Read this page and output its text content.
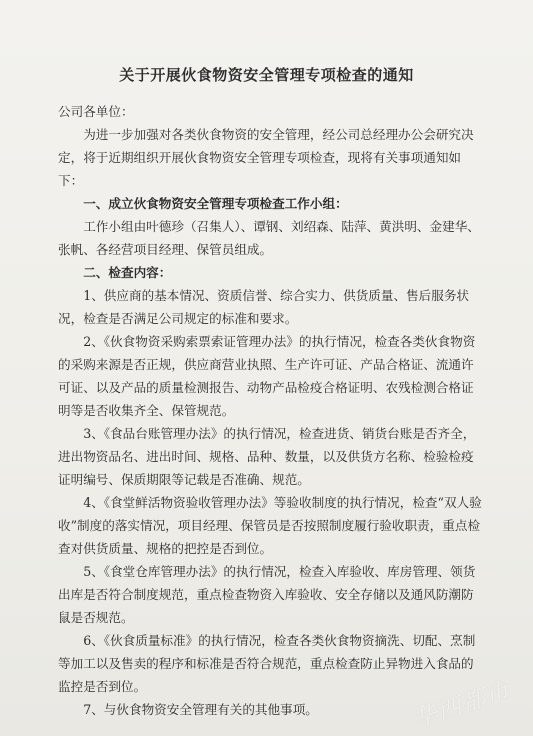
关于开展伙食物资安全管理专项检查的通知

公司各单位：

为进一步加强对各类伙食物资的安全管理，经公司总经理办公会研究决定，将于近期组织开展伙食物资安全管理专项检查，现将有关事项通知如下：

一、成立伙食物资安全管理专项检查工作小组：

工作小组由叶德珍（召集人）、谭钢、刘绍森、陆萍、黄洪明、金建华、张帆、各经营项目经理、保管员组成。

二、检查内容：

1、供应商的基本情况、资质信誉、综合实力、供货质量、售后服务状况，检查是否满足公司规定的标准和要求。

2、《伙食物资采购索票索证管理办法》的执行情况，检查各类伙食物资的采购来源是否正规，供应商营业执照、生产许可证、产品合格证、流通许可证、以及产品的质量检测报告、动物产品检疫合格证明、农残检测合格证明等是否收集齐全、保管规范。

3、《食品台账管理办法》的执行情况，检查进货、销货台账是否齐全，进出物资品名、进出时间、规格、品种、数量，以及供货方名称、检验检疫证明编号、保质期限等记载是否准确、规范。

4、《食堂鲜活物资验收管理办法》等验收制度的执行情况，检查“双人验收”制度的落实情况，项目经理、保管员是否按照制度履行验收职责，重点检查对供货质量、规格的把控是否到位。

5、《食堂仓库管理办法》的执行情况，检查入库验收、库房管理、领货出库是否符合制度规范，重点检查物资入库验收、安全存储以及通风防潮防鼠是否规范。

6、《伙食质量标准》的执行情况，检查各类伙食物资摘洗、切配、烹制等加工以及售卖的程序和标准是否符合规范，重点检查防止异物进入食品的监控是否到位。

7、与伙食物资安全管理有关的其他事项。	华西都市
